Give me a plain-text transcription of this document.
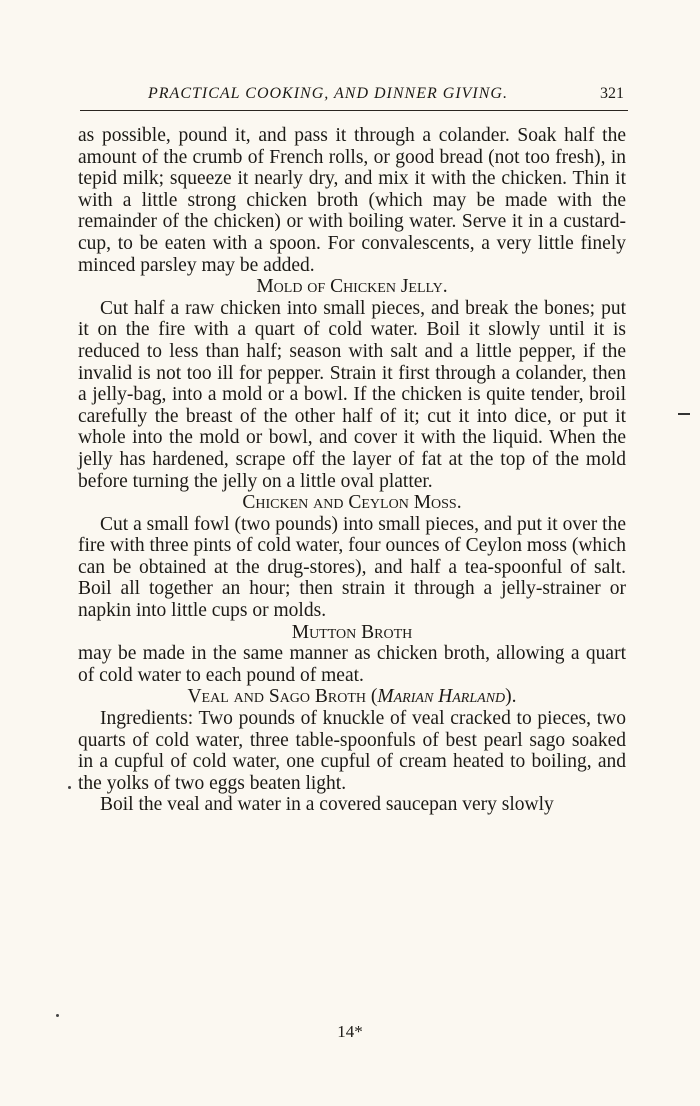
PRACTICAL COOKING, AND DINNER GIVING.	321

as possible, pound it, and pass it through a colander. Soak half the amount of the crumb of French rolls, or good bread (not too fresh), in tepid milk; squeeze it nearly dry, and mix it with the chicken. Thin it with a little strong chicken broth (which may be made with the remainder of the chicken) or with boiling water. Serve it in a custard-cup, to be eaten with a spoon. For convalescents, a very little finely minced parsley may be added.

Mold of Chicken Jelly.

Cut half a raw chicken into small pieces, and break the bones; put it on the fire with a quart of cold water. Boil it slowly until it is reduced to less than half; season with salt and a little pepper, if the invalid is not too ill for pepper. Strain it first through a colander, then a jelly-bag, into a mold or a bowl. If the chicken is quite tender, broil carefully the breast of the other half of it; cut it into dice, or put it whole into the mold or bowl, and cover it with the liquid. When the jelly has hardened, scrape off the layer of fat at the top of the mold before turning the jelly on a little oval platter.

Chicken and Ceylon Moss.

Cut a small fowl (two pounds) into small pieces, and put it over the fire with three pints of cold water, four ounces of Ceylon moss (which can be obtained at the drug-stores), and half a tea-spoonful of salt. Boil all together an hour; then strain it through a jelly-strainer or napkin into little cups or molds.

Mutton Broth

may be made in the same manner as chicken broth, allowing a quart of cold water to each pound of meat.

Veal and Sago Broth (Marian Harland).

Ingredients: Two pounds of knuckle of veal cracked to pieces, two quarts of cold water, three table-spoonfuls of best pearl sago soaked in a cupful of cold water, one cupful of cream heated to boiling, and the yolks of two eggs beaten light.

Boil the veal and water in a covered saucepan very slowly

14*
